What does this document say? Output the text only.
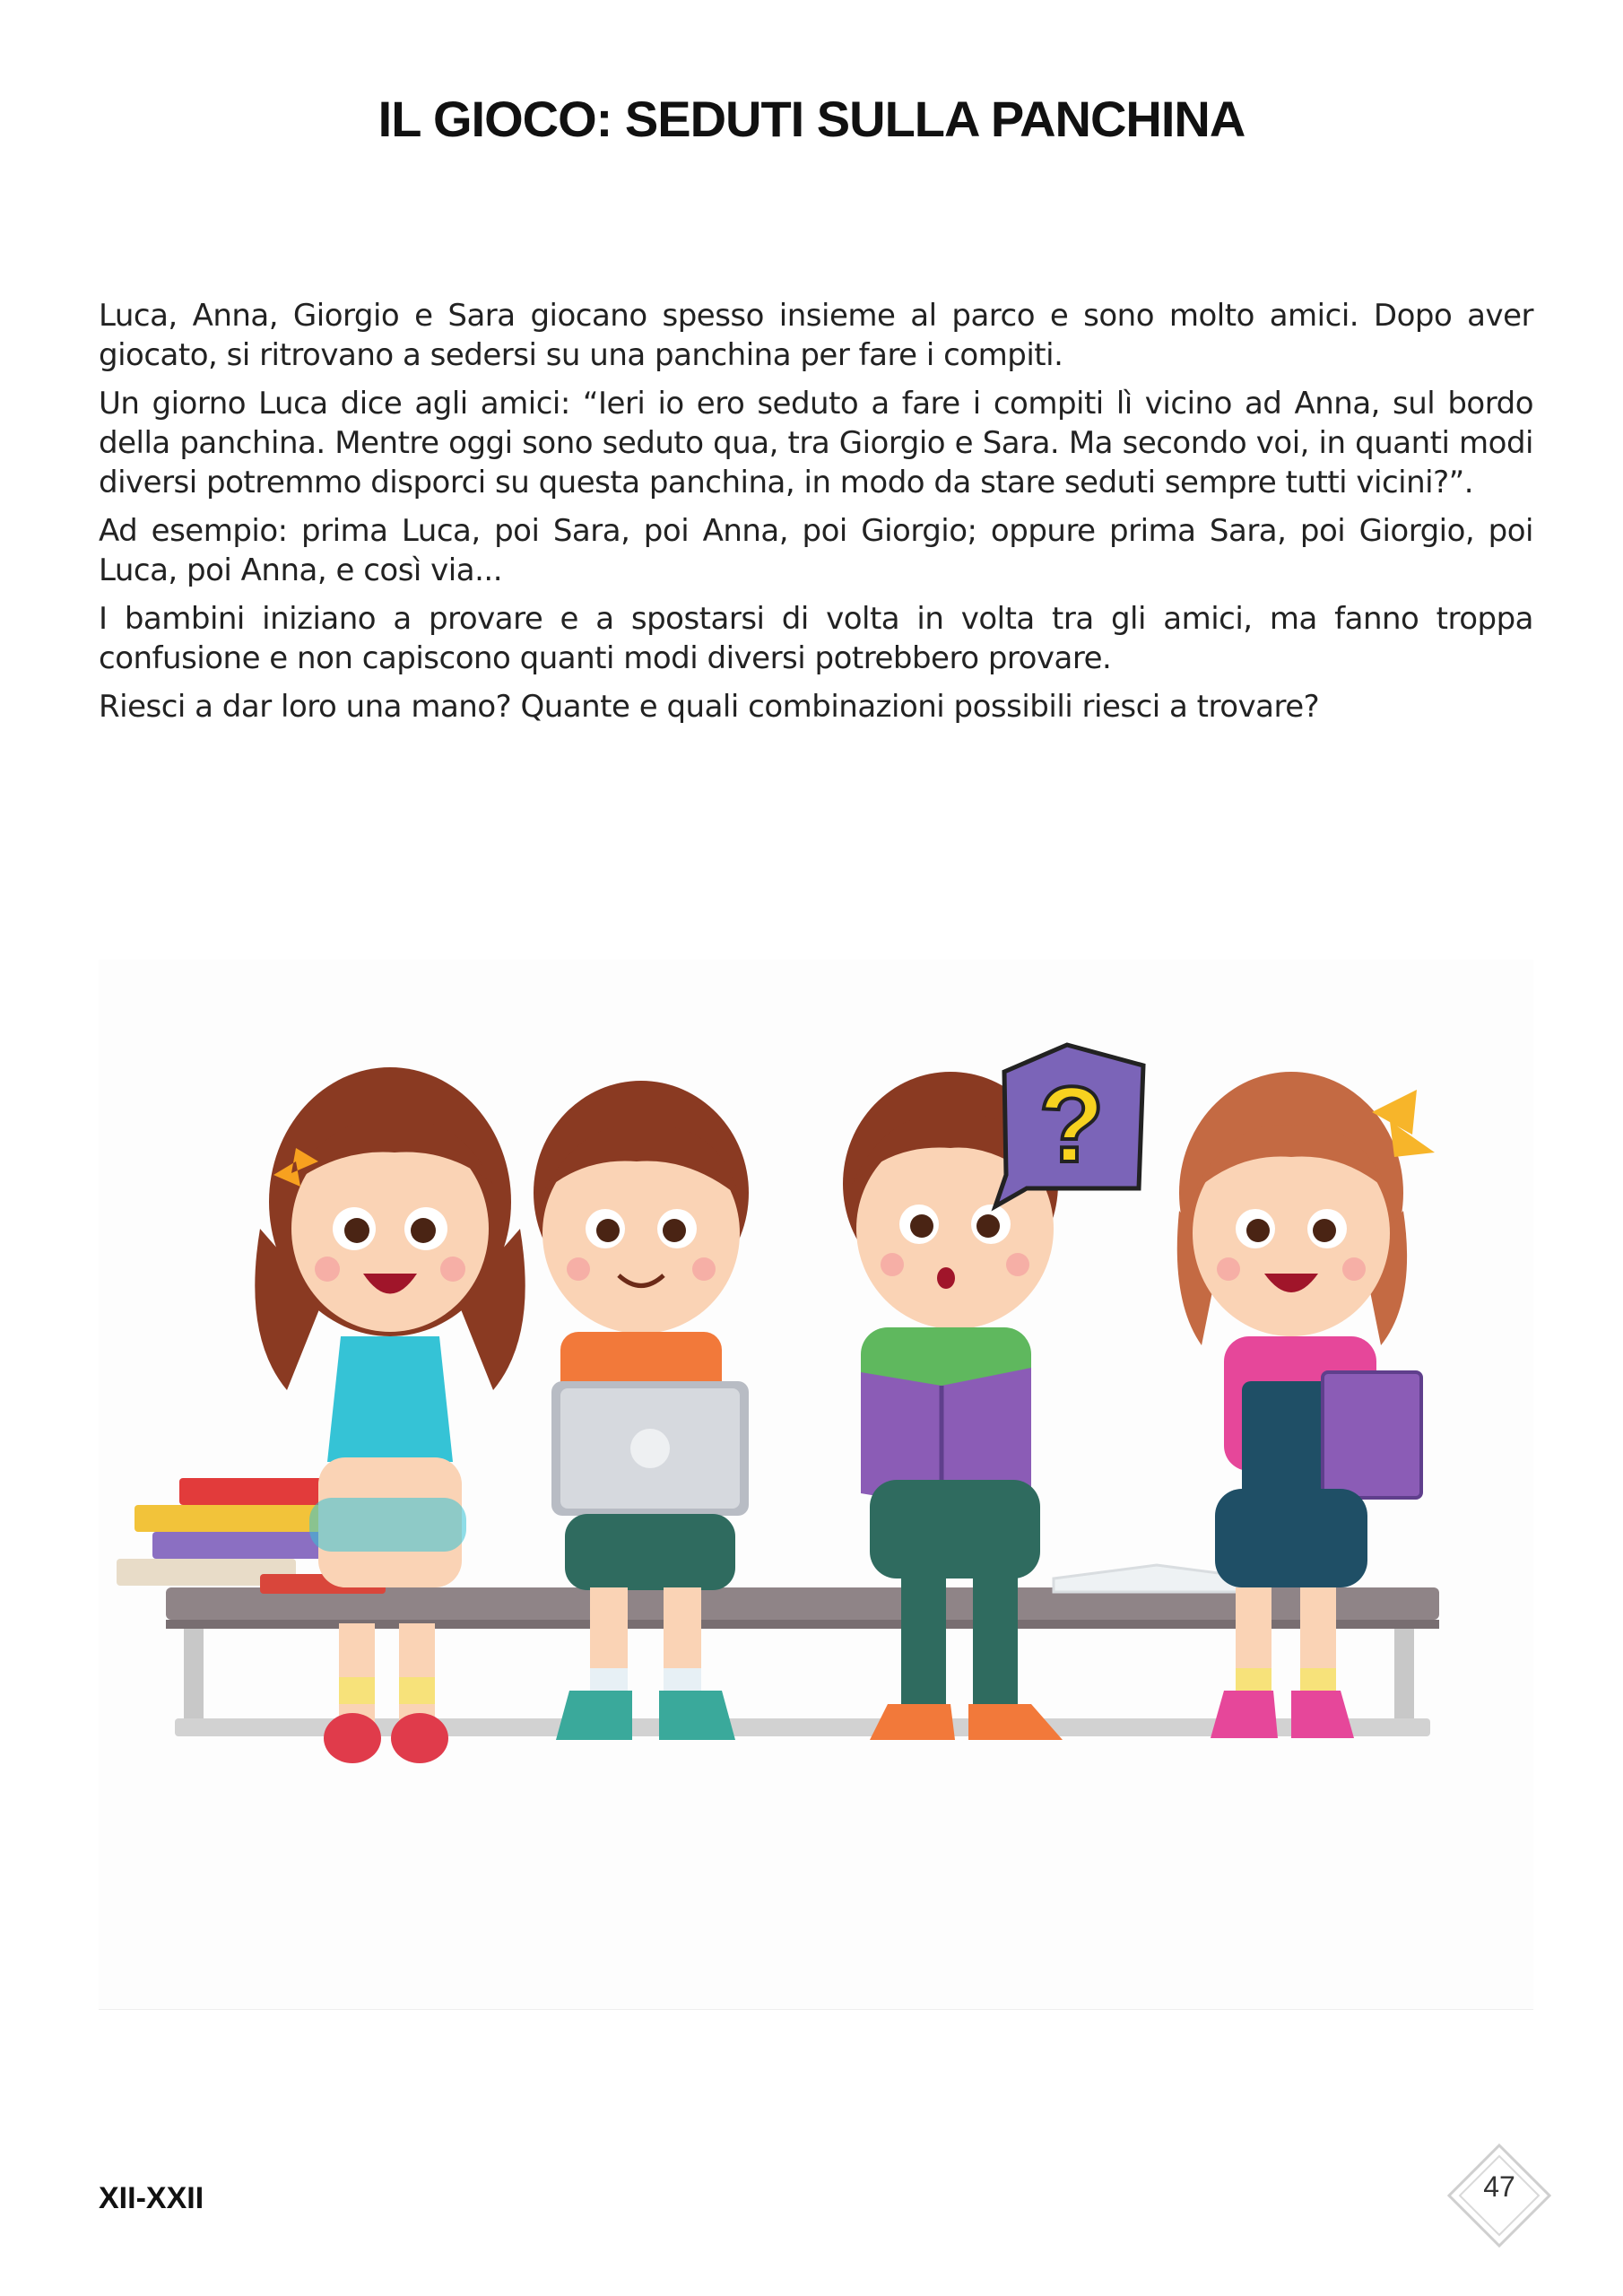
IL GIOCO: SEDUTI SULLA PANCHINA

Luca, Anna, Giorgio e Sara giocano spesso insieme al parco e sono molto amici. Dopo aver giocato, si ritrovano a sedersi su una panchina per fare i compiti.

Un giorno Luca dice agli amici: “Ieri io ero seduto a fare i compiti lì vicino ad Anna, sul bordo della panchina. Mentre oggi sono seduto qua, tra Giorgio e Sara. Ma secondo voi, in quanti modi diversi potremmo disporci su questa panchina, in modo da stare seduti sempre tutti vicini?”.

Ad esempio: prima Luca, poi Sara, poi Anna, poi Giorgio; oppure prima Sara, poi Giorgio, poi Luca, poi Anna, e così via...

I bambini iniziano a provare e a spostarsi di volta in volta tra gli amici, ma fanno troppa confusione e non capiscono quanti modi diversi potrebbero provare.

Riesci a dar loro una mano? Quante e quali combinazioni possibili riesci a trovare?

?
XII-XXII	47
